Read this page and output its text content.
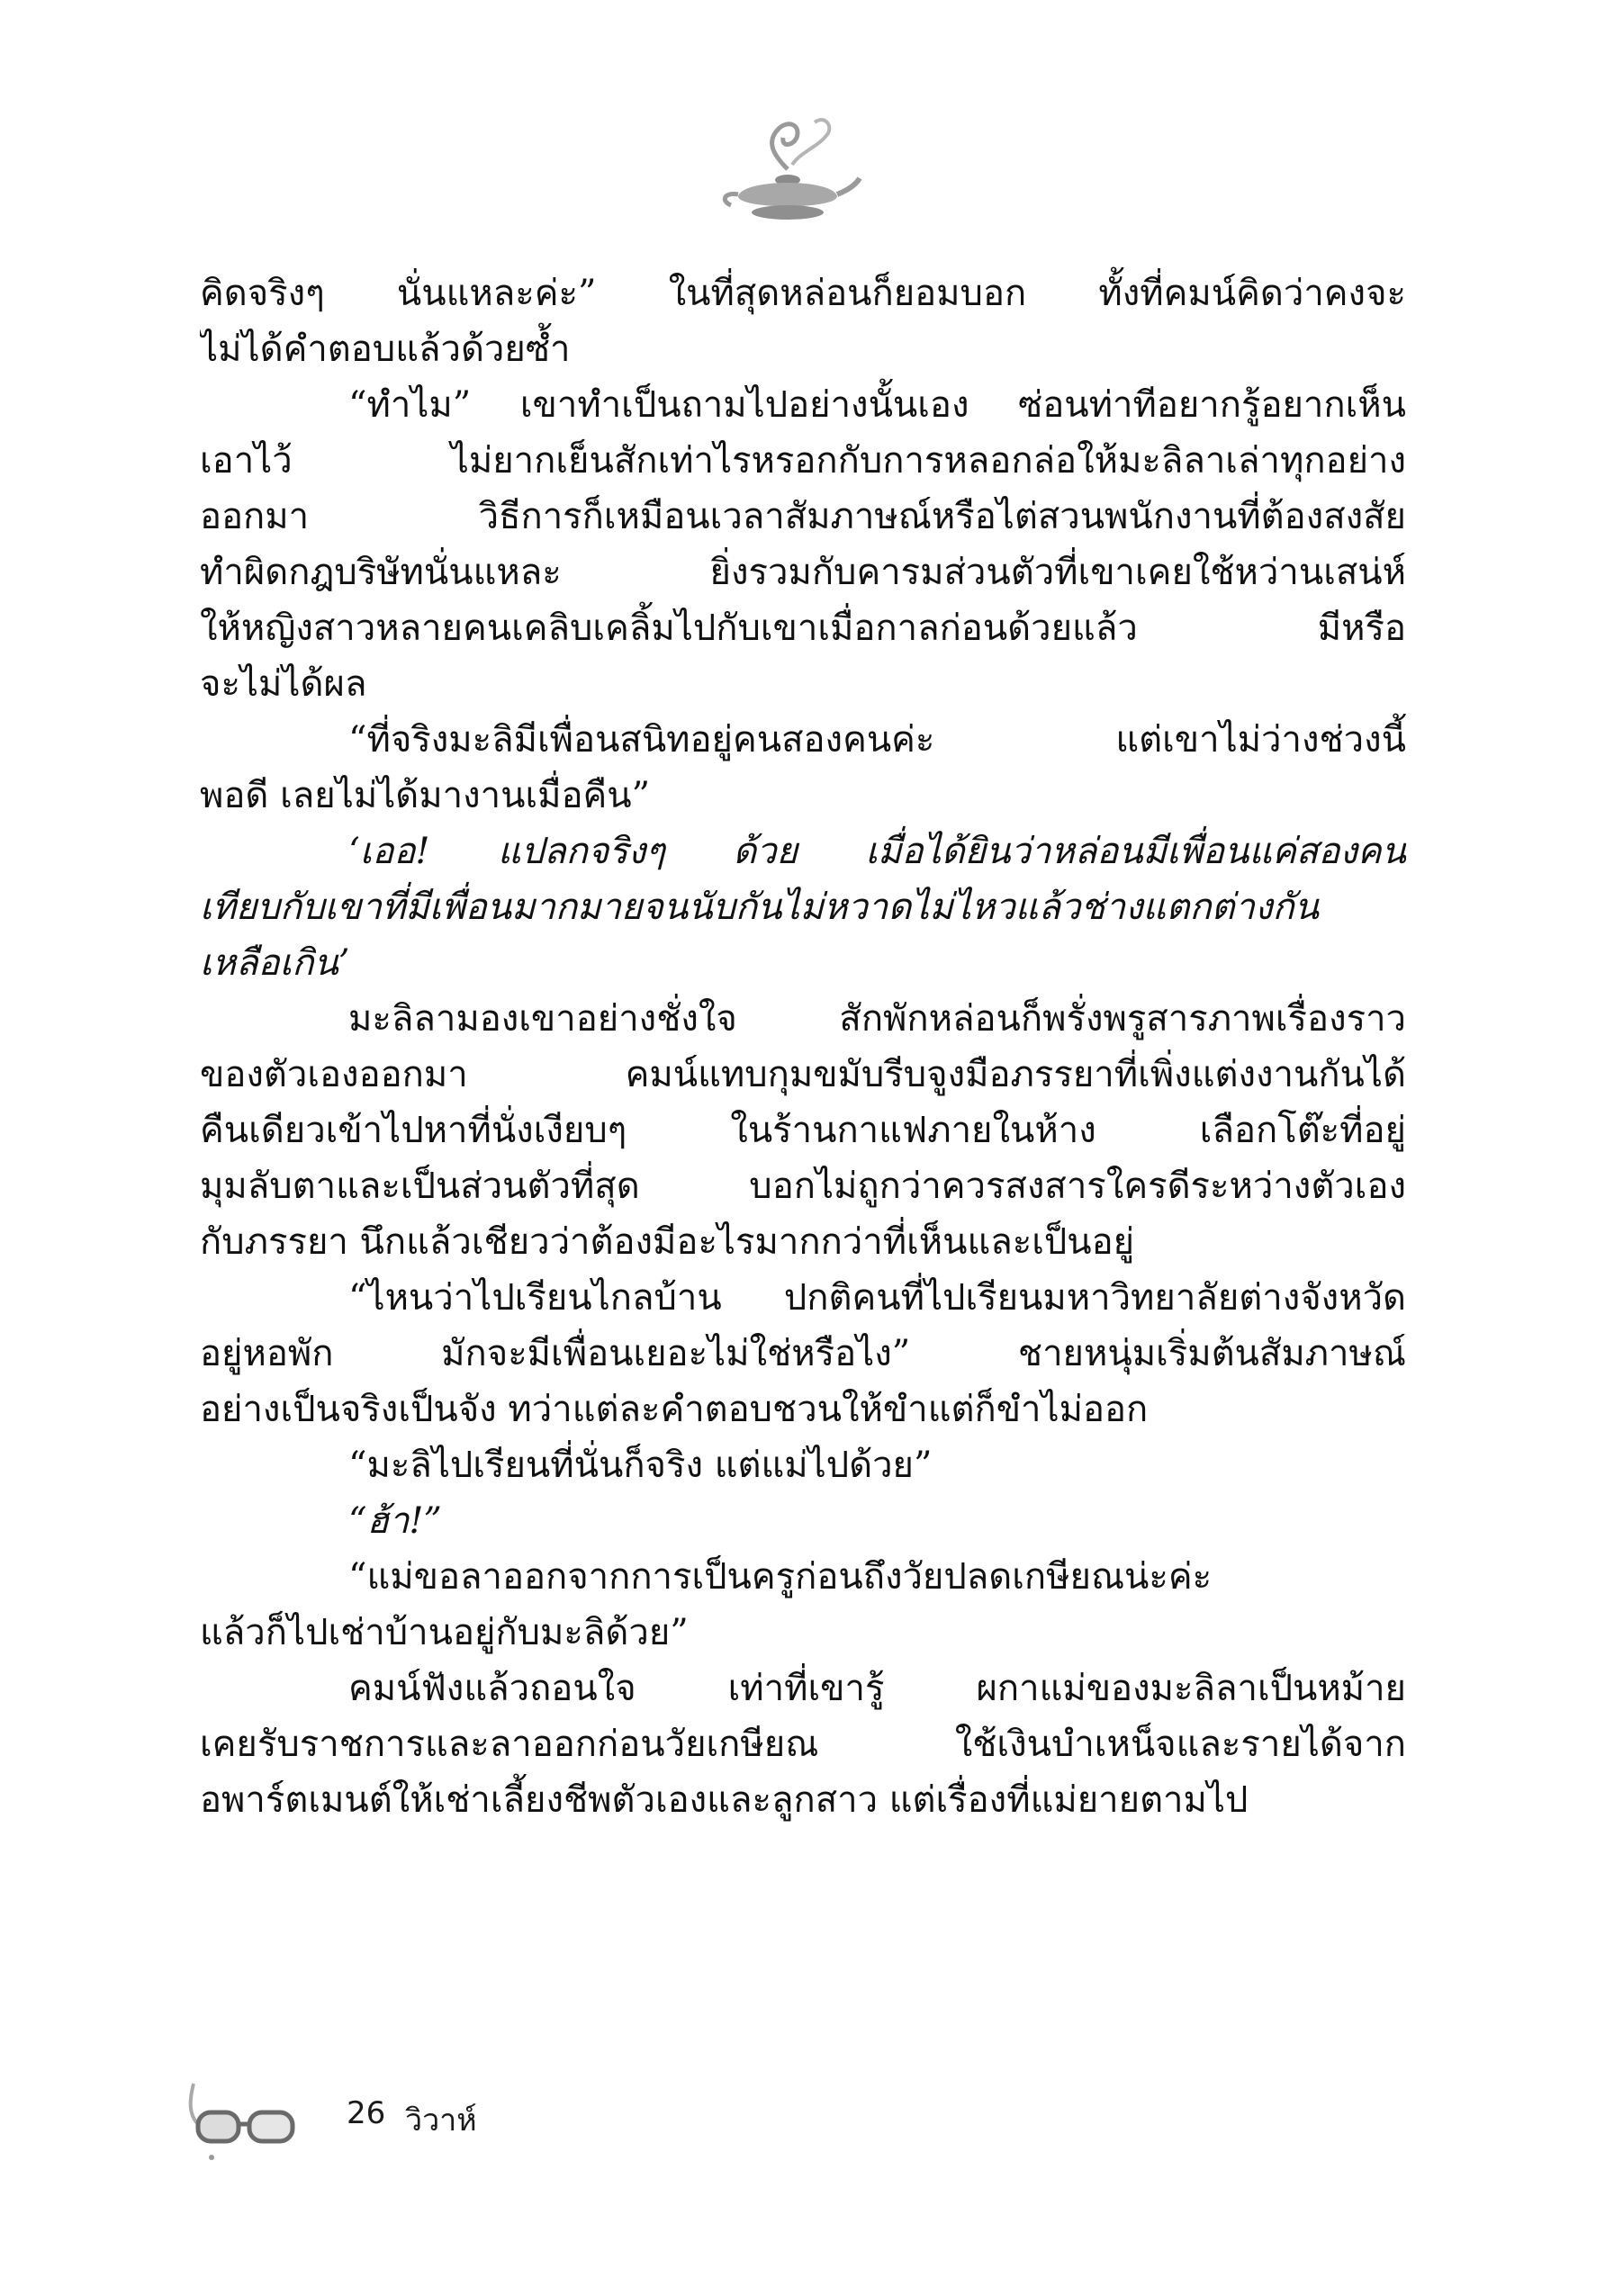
คิดจริงๆ นั่นแหละค่ะ” ในที่สุดหล่อนก็ยอมบอก ทั้งที่คมน์คิดว่าคงจะ
ไม่ได้คำตอบแล้วด้วยซ้ำ
“ทำไม” เขาทำเป็นถามไปอย่างนั้นเอง ซ่อนท่าทีอยากรู้อยากเห็น
เอาไว้ ไม่ยากเย็นสักเท่าไรหรอกกับการหลอกล่อให้มะลิลาเล่าทุกอย่าง
ออกมา วิธีการก็เหมือนเวลาสัมภาษณ์หรือไต่สวนพนักงานที่ต้องสงสัย
ทำผิดกฎบริษัทนั่นแหละ ยิ่งรวมกับคารมส่วนตัวที่เขาเคยใช้หว่านเสน่ห์
ให้หญิงสาวหลายคนเคลิบเคลิ้มไปกับเขาเมื่อกาลก่อนด้วยแล้ว มีหรือ
จะไม่ได้ผล
“ที่จริงมะลิมีเพื่อนสนิทอยู่คนสองคนค่ะ แต่เขาไม่ว่างช่วงนี้
พอดี เลยไม่ได้มางานเมื่อคืน”
‘เออ! แปลกจริงๆ ด้วย เมื่อได้ยินว่าหล่อนมีเพื่อนแค่สองคน
เทียบกับเขาที่มีเพื่อนมากมายจนนับกันไม่หวาดไม่ไหวแล้วช่างแตกต่างกัน
เหลือเกิน’
มะลิลามองเขาอย่างชั่งใจ สักพักหล่อนก็พรั่งพรูสารภาพเรื่องราว
ของตัวเองออกมา คมน์แทบกุมขมับรีบจูงมือภรรยาที่เพิ่งแต่งงานกันได้
คืนเดียวเข้าไปหาที่นั่งเงียบๆ ในร้านกาแฟภายในห้าง เลือกโต๊ะที่อยู่
มุมลับตาและเป็นส่วนตัวที่สุด บอกไม่ถูกว่าควรสงสารใครดีระหว่างตัวเอง
กับภรรยา นึกแล้วเชียวว่าต้องมีอะไรมากกว่าที่เห็นและเป็นอยู่
“ไหนว่าไปเรียนไกลบ้าน ปกติคนที่ไปเรียนมหาวิทยาลัยต่างจังหวัด
อยู่หอพัก มักจะมีเพื่อนเยอะไม่ใช่หรือไง” ชายหนุ่มเริ่มต้นสัมภาษณ์
อย่างเป็นจริงเป็นจัง ทว่าแต่ละคำตอบชวนให้ขำแต่ก็ขำไม่ออก
“มะลิไปเรียนที่นั่นก็จริง แต่แม่ไปด้วย”
“ฮ้า!”
“แม่ขอลาออกจากการเป็นครูก่อนถึงวัยปลดเกษียณน่ะค่ะ
แล้วก็ไปเช่าบ้านอยู่กับมะลิด้วย”
คมน์ฟังแล้วถอนใจ เท่าที่เขารู้ ผกาแม่ของมะลิลาเป็นหม้าย
เคยรับราชการและลาออกก่อนวัยเกษียณ ใช้เงินบำเหน็จและรายได้จาก
อพาร์ตเมนต์ให้เช่าเลี้ยงชีพตัวเองและลูกสาว แต่เรื่องที่แม่ยายตามไป
26 วิวาห์
